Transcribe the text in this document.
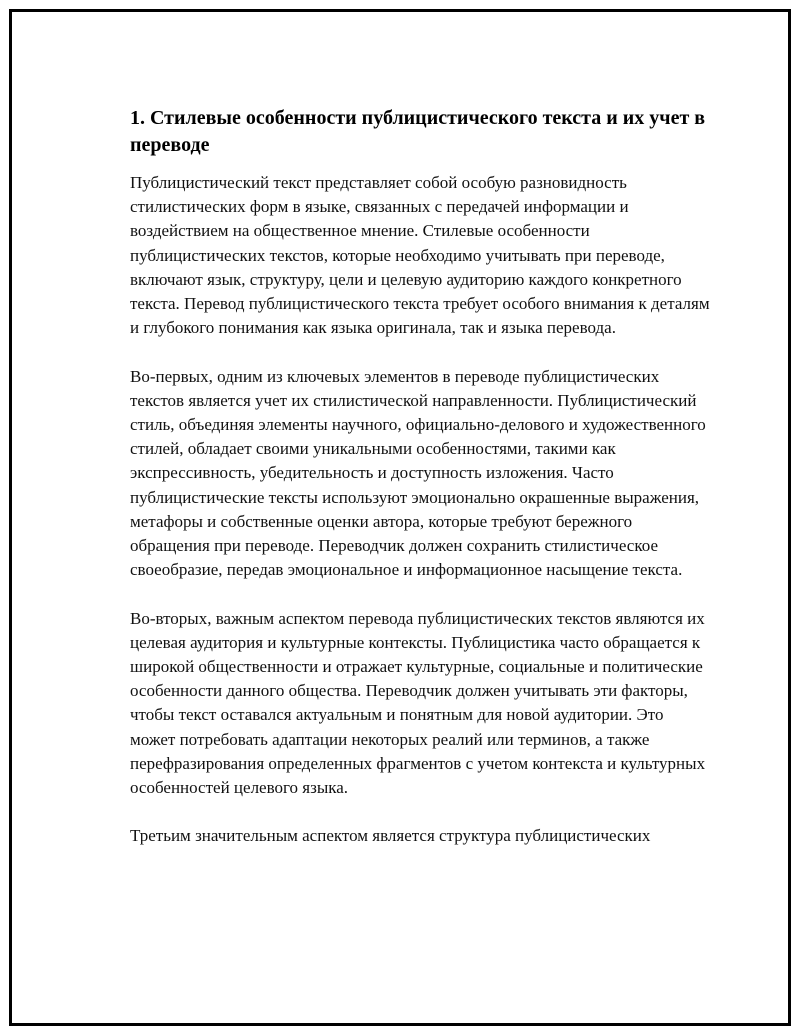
1. Стилевые особенности публицистического текста и их учет в переводе

Публицистический текст представляет собой особую разновидность стилистических форм в языке, связанных с передачей информации и воздействием на общественное мнение. Стилевые особенности публицистических текстов, которые необходимо учитывать при переводе, включают язык, структуру, цели и целевую аудиторию каждого конкретного текста. Перевод публицистического текста требует особого внимания к деталям и глубокого понимания как языка оригинала, так и языка перевода.

Во-первых, одним из ключевых элементов в переводе публицистических текстов является учет их стилистической направленности. Публицистический стиль, объединяя элементы научного, официально-делового и художественного стилей, обладает своими уникальными особенностями, такими как экспрессивность, убедительность и доступность изложения. Часто публицистические тексты используют эмоционально окрашенные выражения, метафоры и собственные оценки автора, которые требуют бережного обращения при переводе. Переводчик должен сохранить стилистическое своеобразие, передав эмоциональное и информационное насыщение текста.

Во-вторых, важным аспектом перевода публицистических текстов являются их целевая аудитория и культурные контексты. Публицистика часто обращается к широкой общественности и отражает культурные, социальные и политические особенности данного общества. Переводчик должен учитывать эти факторы, чтобы текст оставался актуальным и понятным для новой аудитории. Это может потребовать адаптации некоторых реалий или терминов, а также перефразирования определенных фрагментов с учетом контекста и культурных особенностей целевого языка.

Третьим значительным аспектом является структура публицистических
